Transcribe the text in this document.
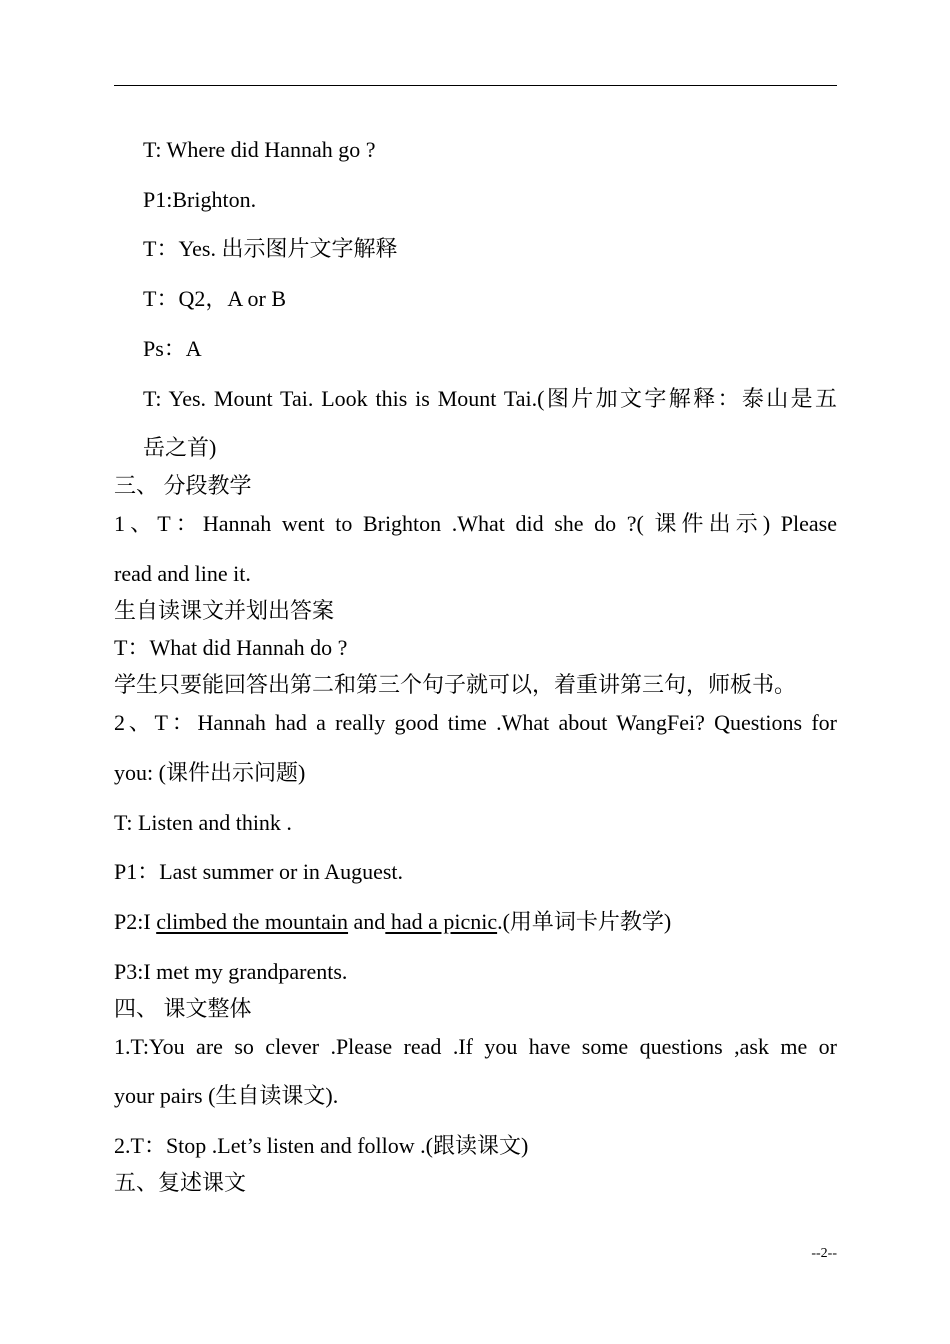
T: Where did Hannah go ?
P1:Brighton.
T：Yes. 出示图片文字解释
T：Q2，A or B
Ps：A
T: Yes. Mount Tai. Look this is Mount Tai.(图片加文字解释：泰山是五
岳之首)
三、 分段教学
1、T：Hannah went to Brighton .What did she do ?( 课件出示) Please
read and line it.
生自读课文并划出答案
T：What did Hannah do ?
学生只要能回答出第二和第三个句子就可以，着重讲第三句，师板书。
2、T：Hannah had a really good time .What about WangFei? Questions for
you: (课件出示问题)
T: Listen and think .
P1：Last summer or in Auguest.
P2:I climbed the mountain and had a picnic.(用单词卡片教学)
P3:I met my grandparents.
四、 课文整体
1.T:You are so clever .Please read .If you have some questions ,ask me or
your pairs (生自读课文).
2.T：Stop .Let’s listen and follow .(跟读课文)
五、复述课文
--2--
